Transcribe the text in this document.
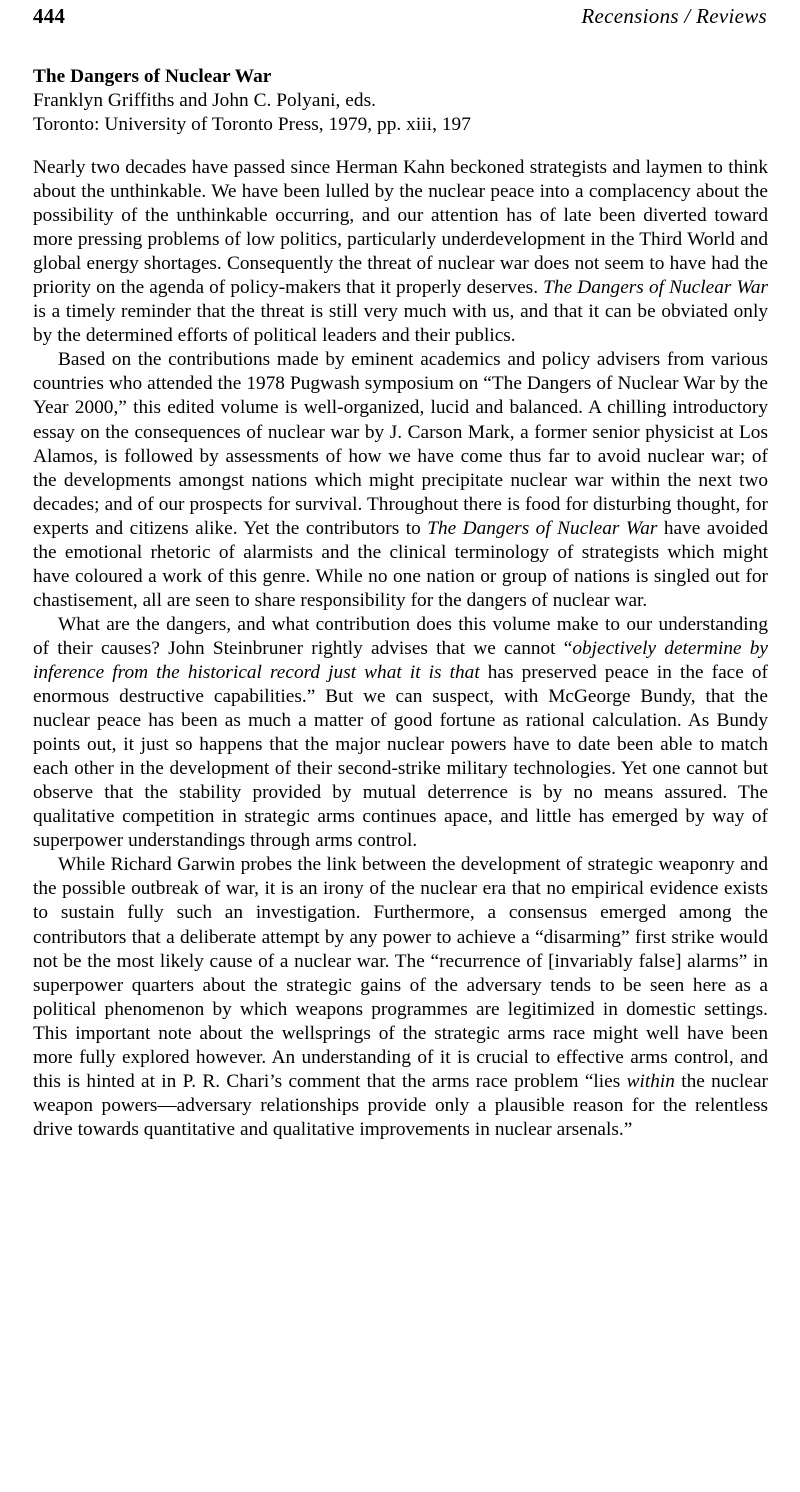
444	Recensions / Reviews
The Dangers of Nuclear War
Franklyn Griffiths and John C. Polyani, eds.
Toronto: University of Toronto Press, 1979, pp. xiii, 197

Nearly two decades have passed since Herman Kahn beckoned strategists and laymen to think about the unthinkable. We have been lulled by the nuclear peace into a complacency about the possibility of the unthinkable occurring, and our attention has of late been diverted toward more pressing problems of low politics, particularly underdevelopment in the Third World and global energy shortages. Consequently the threat of nuclear war does not seem to have had the priority on the agenda of policy-makers that it properly deserves. The Dangers of Nuclear War is a timely reminder that the threat is still very much with us, and that it can be obviated only by the determined efforts of political leaders and their publics.

Based on the contributions made by eminent academics and policy advisers from various countries who attended the 1978 Pugwash symposium on “The Dangers of Nuclear War by the Year 2000,” this edited volume is well-organized, lucid and balanced. A chilling introductory essay on the consequences of nuclear war by J. Carson Mark, a former senior physicist at Los Alamos, is followed by assessments of how we have come thus far to avoid nuclear war; of the developments amongst nations which might precipitate nuclear war within the next two decades; and of our prospects for survival. Throughout there is food for disturbing thought, for experts and citizens alike. Yet the contributors to The Dangers of Nuclear War have avoided the emotional rhetoric of alarmists and the clinical terminology of strategists which might have coloured a work of this genre. While no one nation or group of nations is singled out for chastisement, all are seen to share responsibility for the dangers of nuclear war.

What are the dangers, and what contribution does this volume make to our understanding of their causes? John Steinbruner rightly advises that we cannot “objectively determine by inference from the historical record just what it is that has preserved peace in the face of enormous destructive capabilities.” But we can suspect, with McGeorge Bundy, that the nuclear peace has been as much a matter of good fortune as rational calculation. As Bundy points out, it just so happens that the major nuclear powers have to date been able to match each other in the development of their second-strike military technologies. Yet one cannot but observe that the stability provided by mutual deterrence is by no means assured. The qualitative competition in strategic arms continues apace, and little has emerged by way of superpower understandings through arms control.

While Richard Garwin probes the link between the development of strategic weaponry and the possible outbreak of war, it is an irony of the nuclear era that no empirical evidence exists to sustain fully such an investigation. Furthermore, a consensus emerged among the contributors that a deliberate attempt by any power to achieve a “disarming” first strike would not be the most likely cause of a nuclear war. The “recurrence of [invariably false] alarms” in superpower quarters about the strategic gains of the adversary tends to be seen here as a political phenomenon by which weapons programmes are legitimized in domestic settings. This important note about the wellsprings of the strategic arms race might well have been more fully explored however. An understanding of it is crucial to effective arms control, and this is hinted at in P. R. Chari’s comment that the arms race problem “lies within the nuclear weapon powers—adversary relationships provide only a plausible reason for the relentless drive towards quantitative and qualitative improvements in nuclear arsenals.”
